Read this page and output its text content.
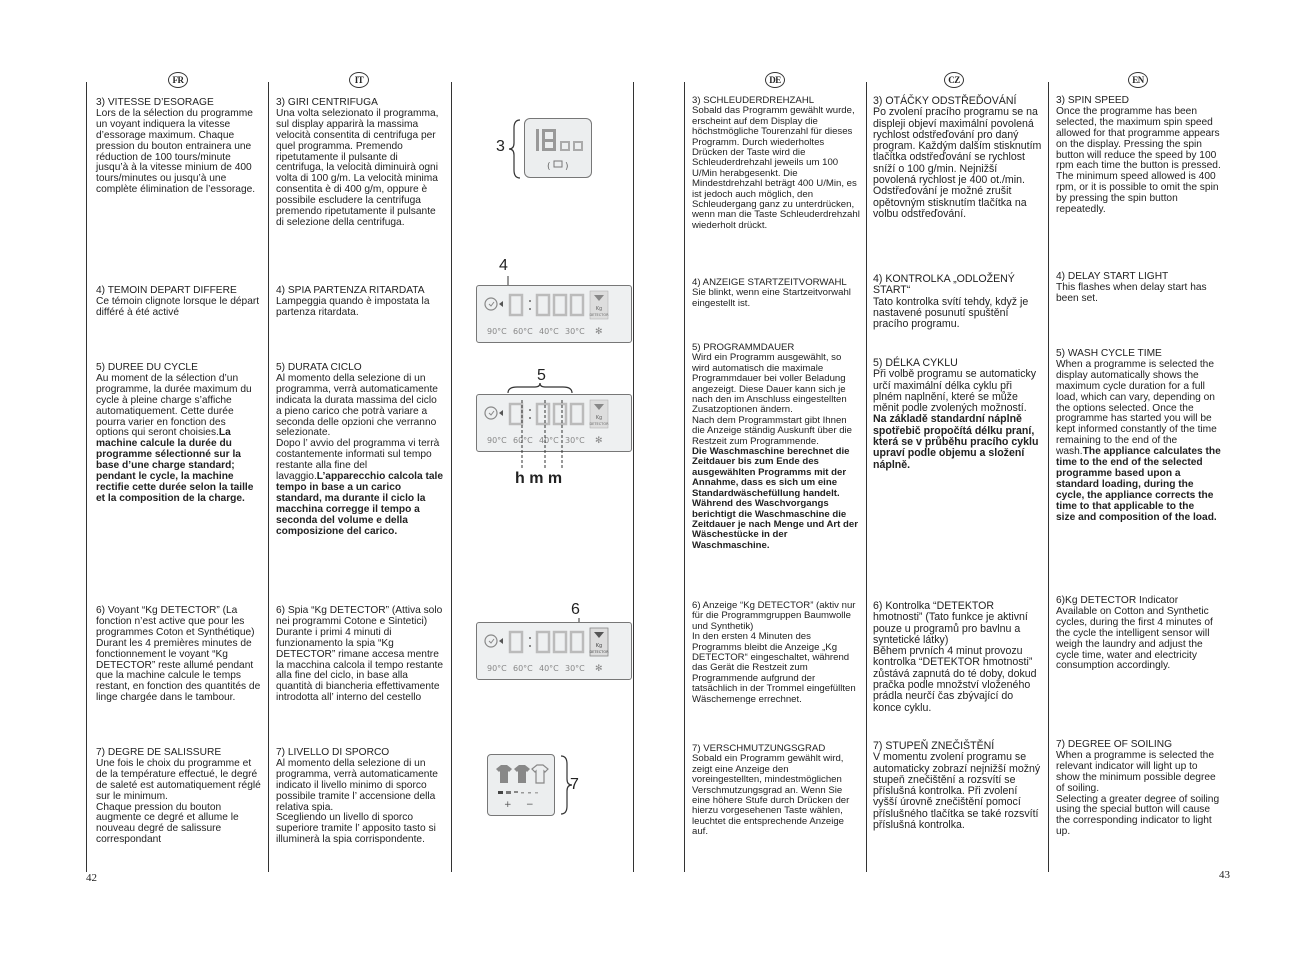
FR	IT	DE	CZ	EN

3) VITESSE D’ESORAGE
Lors de la sélection du programme un voyant indiquera la vitesse d’essorage maximum. Chaque pression du bouton entrainera une réduction de 100 tours/minute jusqu’à à la vitesse minium de 400 tours/minutes ou jusqu’à une complète élimination de l’essorage.

4) TEMOIN DEPART DIFFERE
Ce témoin clignote lorsque le départ différé à été activé

5) DUREE DU CYCLE
Au moment de la sélection d’un programme, la durée maximum du cycle à pleine charge s’affiche automatiquement. Cette durée pourra varier en fonction des options qui seront choisies.La machine calcule la durée du programme sélectionné sur la base d’une charge standard; pendant le cycle, la machine rectifie cette durée selon la taille et la composition de la charge.

6) Voyant “Kg DETECTOR” (La fonction n’est active que pour les programmes Coton et Synthétique)
Durant les 4 premières minutes de fonctionnement le voyant “Kg DETECTOR” reste allumé pendant que la machine calcule le temps restant, en fonction des quantités de linge chargée dans le tambour.

7) DEGRE DE SALISSURE
Une fois le choix du programme et de la température effectué, le degré de saleté est automatiquement réglé sur le minimum.
Chaque pression du bouton augmente ce degré et allume le nouveau degré de salissure correspondant

3) GIRI CENTRIFUGA
Una volta selezionato il programma, sul display apparirà la massima velocità consentita di centrifuga per quel programma. Premendo ripetutamente il pulsante di centrifuga, la velocità diminuirà ogni volta di 100 g/m. La velocità minima consentita è di 400 g/m, oppure è possibile escludere la centrifuga premendo ripetutamente il pulsante di selezione della centrifuga.

4) SPIA PARTENZA RITARDATA
Lampeggia quando è impostata la partenza ritardata.

5) DURATA CICLO
Al momento della selezione di un programma, verrà automaticamente indicata la durata massima del ciclo a pieno carico che potrà variare a seconda delle opzioni che verranno selezionate.
Dopo l’ avvio del programma vi terrà costantemente informati sul tempo restante alla fine del lavaggio.L’apparecchio calcola tale tempo in base a un carico standard, ma durante il ciclo la macchina corregge il tempo a seconda del volume e della composizione del carico.

6) Spia “Kg DETECTOR” (Attiva solo nei programmi Cotone e Sintetici)
Durante i primi 4 minuti di funzionamento la spia “Kg DETECTOR” rimane accesa mentre la macchina calcola il tempo restante alla fine del ciclo, in base alla quantità di biancheria effettivamente introdotta all’ interno del cestello

7) LIVELLO DI SPORCO
Al momento della selezione di un programma, verrà automaticamente indicato il livello minimo di sporco possibile tramite l’ accensione della relativa spia.
Scegliendo un livello di sporco superiore tramite l’ apposito tasto si illuminerà la spia corrispondente.

3
( )
4
Kg
DETECTOR
90°C 60°C 40°C 30°C ✻
5
Kg
DETECTOR
90°C 60°C 40°C 30°C ✻
h m m
6
Kg
DETECTOR
90°C 60°C 40°C 30°C ✻
+ −
7

3) SCHLEUDERDREHZAHL
Sobald das Programm gewählt wurde, erscheint auf dem Display die höchstmögliche Tourenzahl für dieses Programm. Durch wiederholtes Drücken der Taste wird die Schleuderdrehzahl jeweils um 100 U/Min herabgesenkt. Die Mindestdrehzahl beträgt 400 U/Min, es ist jedoch auch möglich, den Schleudergang ganz zu unterdrücken, wenn man die Taste Schleuderdrehzahl wiederholt drückt.

4) ANZEIGE STARTZEITVORWAHL
Sie blinkt, wenn eine Startzeitvorwahl eingestellt ist.

5) PROGRAMMDAUER
Wird ein Programm ausgewählt, so wird automatisch die maximale Programmdauer bei voller Beladung angezeigt. Diese Dauer kann sich je nach den im Anschluss eingestellten Zusatzoptionen ändern.
Nach dem Programmstart gibt Ihnen die Anzeige ständig Auskunft über die Restzeit zum Programmende.
Die Waschmaschine berechnet die Zeitdauer bis zum Ende des ausgewählten Programms mit der Annahme, dass es sich um eine Standardwäschefüllung handelt. Während des Waschvorgangs berichtigt die Waschmaschine die Zeitdauer je nach Menge und Art der Wäschestücke in der Waschmaschine.

6) Anzeige “Kg DETECTOR” (aktiv nur für die Programmgruppen Baumwolle und Synthetik)
In den ersten 4 Minuten des Programms bleibt die Anzeige „Kg DETECTOR“ eingeschaltet, während das Gerät die Restzeit zum Programmende aufgrund der tatsächlich in der Trommel eingefüllten Wäschemenge errechnet.

7) VERSCHMUTZUNGSGRAD
Sobald ein Programm gewählt wird, zeigt eine Anzeige den voreingestellten, mindestmöglichen Verschmutzungsgrad an. Wenn Sie eine höhere Stufe durch Drücken der hierzu vorgesehenen Taste wählen, leuchtet die entsprechende Anzeige auf.

3) OTÁČKY ODSTŘEĎOVÁNÍ
Po zvolení pracího programu se na displeji objeví maximální povolená rychlost odstřeďování pro daný program. Každým dalším stisknutím tlačítka odstřeďování se rychlost sníží o 100 g/min. Nejnižší povolená rychlost je 400 ot./min. Odstřeďování je možné zrušit opětovným stisknutím tlačítka na volbu odstřeďování.

4) KONTROLKA „ODLOŽENÝ START“
Tato kontrolka svítí tehdy, když je nastavené posunutí spuštění pracího programu.

5) DÉLKA CYKLU
Při volbě programu se automaticky určí maximální délka cyklu při plném naplnění, které se může měnit podle zvolených možností.
Na základě standardní náplně spotřebič propočítá délku praní, která se v průběhu pracího cyklu upraví podle objemu a složení náplně.

6) Kontrolka “DETEKTOR hmotnosti” (Tato funkce je aktivní pouze u programů pro bavlnu a syntetické látky)
Během prvních 4 minut provozu kontrolka “DETEKTOR hmotnosti” zůstává zapnutá do té doby, dokud pračka podle množství vloženého prádla neurčí čas zbývající do konce cyklu.

7) STUPEŇ ZNEČIŠTĚNÍ
V momentu zvolení programu se automaticky zobrazí nejnižší možný stupeň znečištění a rozsvítí se příslušná kontrolka. Při zvolení vyšší úrovně znečištění pomocí příslušného tlačítka se také rozsvítí příslušná kontrolka.

3) SPIN SPEED
Once the programme has been selected, the maximum spin speed allowed for that programme appears on the display. Pressing the spin button will reduce the speed by 100 rpm each time the button is pressed. The minimum speed allowed is 400 rpm, or it is possible to omit the spin by pressing the spin button repeatedly.

4) DELAY START LIGHT
This flashes when delay start has been set.

5) WASH CYCLE TIME
When a programme is selected the display automatically shows the maximum cycle duration for a full load, which can vary, depending on the options selected. Once the programme has started you will be kept informed constantly of the time remaining to the end of the wash.The appliance calculates the time to the end of the selected programme based upon a standard loading, during the cycle, the appliance corrects the time to that applicable to the
size and composition of the load.

6)Kg DETECTOR Indicator
Available on Cotton and Synthetic cycles, during the first 4 minutes of the cycle the intelligent sensor will weigh the laundry and adjust the cycle time, water and electricity consumption accordingly.

7) DEGREE OF SOILING
When a programme is selected the relevant indicator will light up to show the minimum possible degree of soiling.
Selecting a greater degree of soiling using the special button will cause the corresponding indicator to light up.

42	43
